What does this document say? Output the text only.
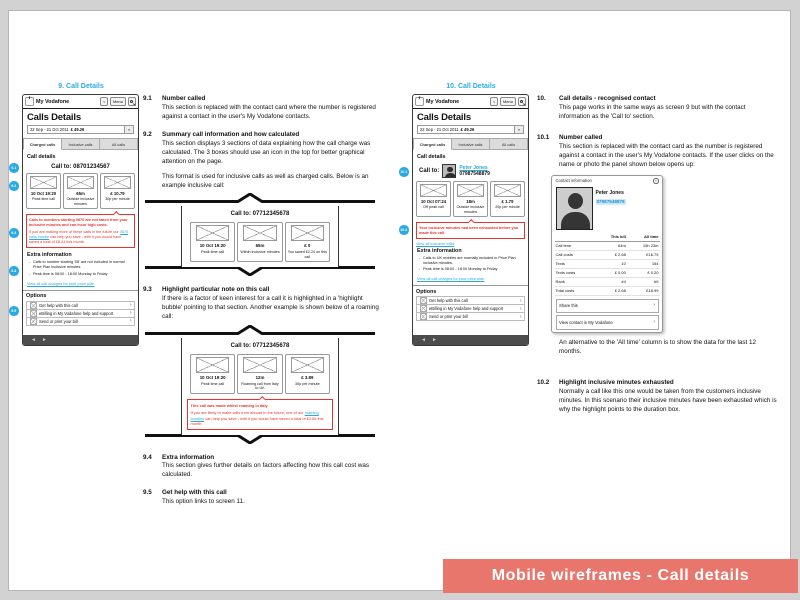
9. Call Details
’ My Vodafone	<	Menu
Calls Details
22 Sep - 21 Oct 2011 £ 49.26	▾
Charged calls	Inclusive calls	All calls
Call details
Call to: 08701234567
10 Oct 19:20
Peak time call
65m
Outside inclusive minutes
£ 10.79
30p per minute

Calls to numbers starting 0870 are not taken from your inclusive minutes and can incur high costs.

If you are making more of these calls in the future our 0870 calls bundle can help you save - with it you would have saved a total of £8.24 this month.

Extra information
- Calls to number starting '08' are not included in normal Price Plan inclusive minutes.
- Peak time is 08:00 - 18:00 Monday to Friday
View all call charges for your price plan
Options
Get help with this call	›
eBilling in My Vodafone help and support	›
Send or print your bill	›
◄ ►
9.1
9.2
9.3
9.4
9.5
9.1 Number called

This section is replaced with the contact card where the number is registered against a contact in the user's My Vodafone contacts.

9.2 Summary call information and how calculated

This section displays 3 sections of data explaining how the call charge was calculated. The 3 boxes should use an icon in the top for better graphical attention on the page.

This format is used for inclusive calls as well as charged calls. Below is an example inclusive call:

Call to: 07712345678
10 Oct 19:20
Peak time call
65m
Within inclusive minutes
£ 0
You saved £2.24 on this call
9.3 Highlight particular note on this call

If there is a factor of keen interest for a call it is highlighted in a 'highlight bubble' pointing to that section. Another example is shown below of a roaming call:

Call to: 07712345678
10 Oct 19:20
Peak time call
12m
Roaming call from Italy to UK
£ 3.89
30p per minute

This call was made whilst roaming in Italy

If you are likely to make calls from abroad in the future, one of our roaming bundles can help you save - with it you would have saved a total of £2.56 this month.

9.4 Extra information

This section gives further details on factors affecting how this call cost was calculated.

9.5 Get help with this call

This option links to screen 11.

10. Call Details
’ My Vodafone	<	Menu
Calls Details
22 Sep - 21 Oct 2011 £ 49.26	▾
Charged calls	Inclusive calls	All calls
Call details
Call to:	Peter Jones
07987548879
10 Oct 07:24
Off peak call
18m
Outside inclusive minutes
£ 1.79
20p per minute

Your inclusive minutes had been exhausted before you made this call.

View all inclusive calls
Extra information
- Calls to UK mobiles are normally included in Price Plan inclusive minutes.
- Peak time is 08:00 - 18:00 Monday to Friday
View all call charges for your price plan
Options
Get help with this call	›
eBilling in My Vodafone help and support	›
Send or print your bill	›
◄ ►
10.1
10.2
10. Call details - recognised contact

This page works in the same ways as screen 9 but with the contact information as the 'Call to' section.

10.1 Number called

This section is replaced with the contact card as the number is registered against a contact in the user's My Vodafone contacts. If the user clicks on the name or photo the panel shown below opens up:

Contact information	×
Peter Jones
07987548879
	This bill	All time
Call time	64m	15h 23m
Call costs	£ 2.68	£16.79
Texts	10	154
Texts costs	£ 0.00	£ 0.20
Rank	#4	#9
Total costs	£ 2.68	£16.99
Share this	›
View contact in My Vodafone	›

An alternative to the 'All time' column is to show the data for the last 12 months.

10.2 Highlight inclusive minutes exhausted

Normally a call like this one would be taken from the customers inclusive minutes. In this scenario their inclusive minutes have been exhausted which is why the highlight points to the duration box.

Mobile wireframes - Call details
